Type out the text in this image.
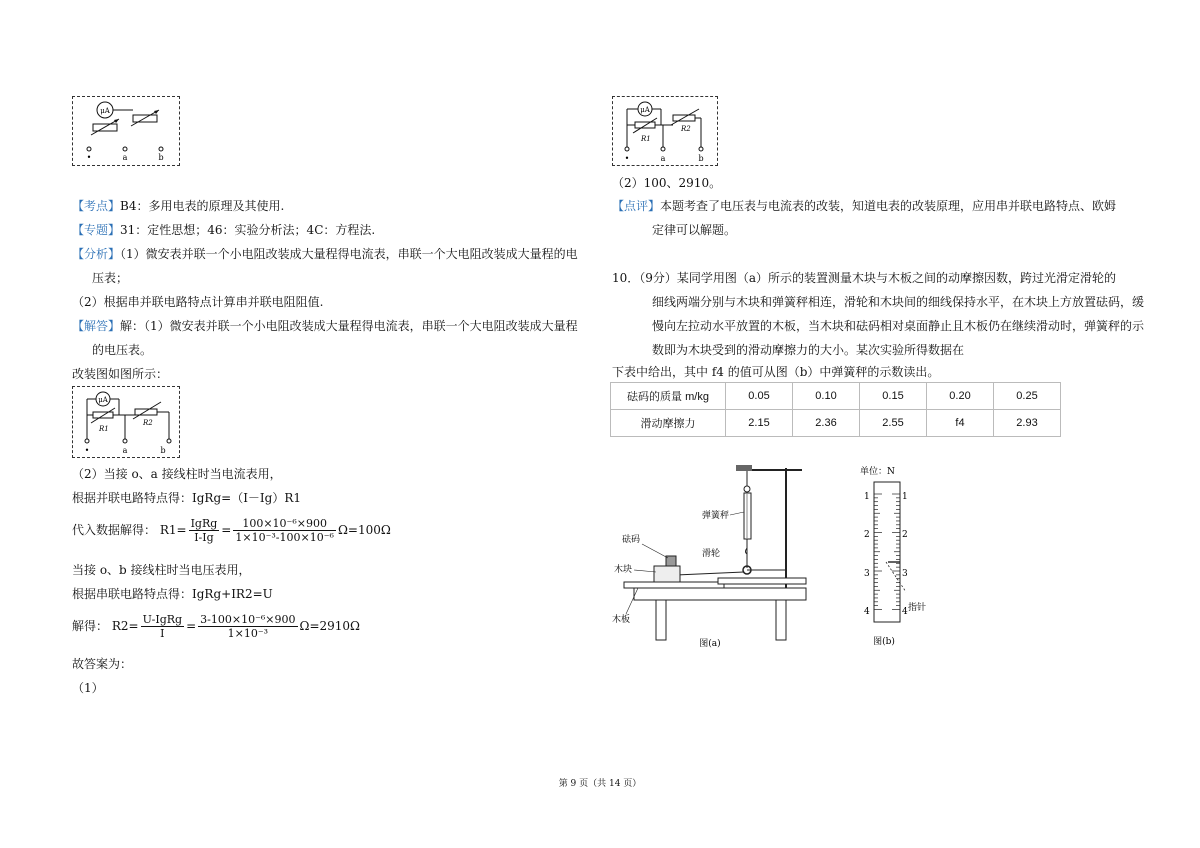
μA
•	a	b
【考点】B4：多用电表的原理及其使用.
【专题】31：定性思想；46：实验分析法；4C：方程法.
【分析】（1）微安表并联一个小电阻改装成大量程得电流表，串联一个大电阻改装成大量程的电
压表；
（2）根据串并联电路特点计算串并联电阻阻值.
【解答】解：（1）微安表并联一个小电阻改装成大量程得电流表，串联一个大电阻改装成大量程
的电压表。
改装图如图所示：
μA
R1
R2
•	a	b
（2）当接 o、a 接线柱时当电流表用，
根据并联电路特点得：IgRg=（I－Ig）R1
代入数据解得： $R1= \frac{\text{IgRg}}{I-Ig} = \frac{\text{100×10⁻⁶×900}}{\text{1×10⁻³-100×10⁻⁶}} \Omega=100\Omega$
当接 o、b 接线柱时当电压表用，
根据串联电路特点得：IgRg+IR2=U
解得： $R2= \frac{\text{U-IgRg}}{I} = \frac{\text{3-100×10⁻⁶×900}}{\text{1×10⁻³}} \Omega=2910\Omega$
故答案为：
（1）
μA
R1
R2
•	a	b
（2）100、2910。
【点评】本题考查了电压表与电流表的改装，知道电表的改装原理，应用串并联电路特点、欧姆
定律可以解题。
10．（9分）某同学用图（a）所示的装置测量木块与木板之间的动摩擦因数，跨过光滑定滑轮的
细线两端分别与木块和弹簧秤相连，滑轮和木块间的细线保持水平，在木块上方放置砝码，缓
慢向左拉动水平放置的木板，当木块和砝码相对桌面静止且木板仍在继续滑动时，弹簧秤的示
数即为木块受到的滑动摩擦力的大小。某次实验所得数据在
下表中给出，其中 f4 的值可从图（b）中弹簧秤的示数读出。
砝码的质量 m/kg	0.05	0.10	0.15	0.20	0.25
滑动摩擦力	2.15	2.36	2.55	f4	2.93
弹簧秤
滑轮
砝码
木块
木板
图(a)
单位：N
1	1
2	2
3	3
4	4 指针
图(b)
第 9 页（共 14 页）
